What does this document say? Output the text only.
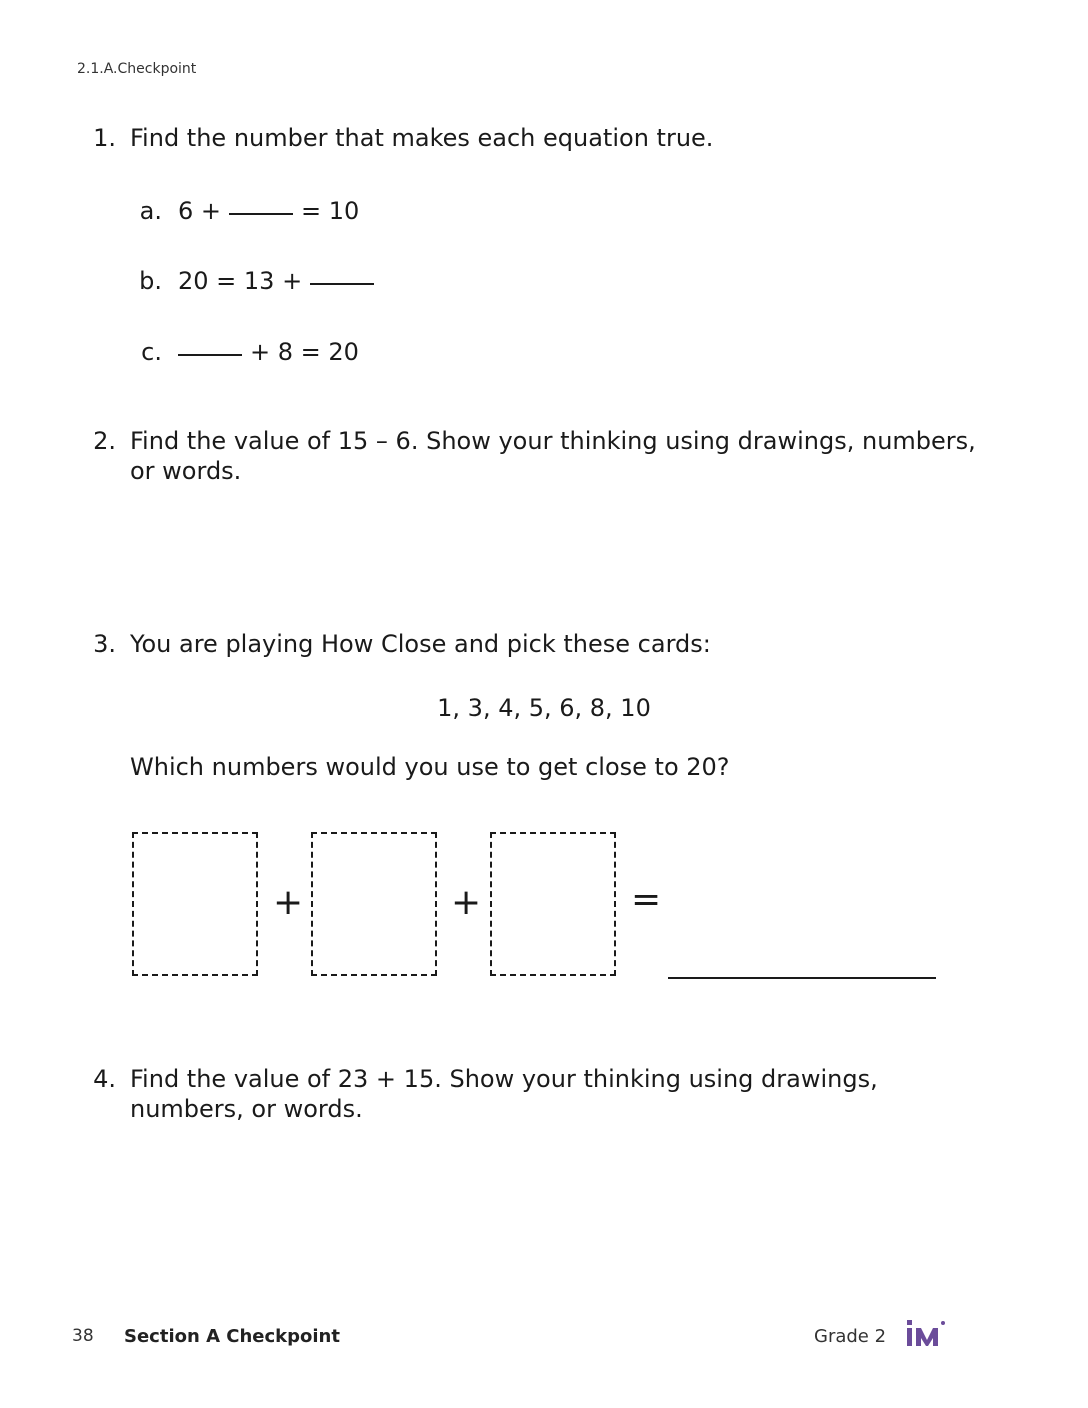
2.1.A.Checkpoint
1. Find the number that makes each equation true.
a. 6 +	= 10
b. 20 = 13 +
c.	+ 8 = 20
2. Find the value of 15 – 6. Show your thinking using drawings, numbers,
or words.
3. You are playing How Close and pick these cards:
1, 3, 4, 5, 6, 8, 10
Which numbers would you use to get close to 20?
+	+	=
4. Find the value of 23 + 15. Show your thinking using drawings,
numbers, or words.
38 Section A Checkpoint	Grade 2
